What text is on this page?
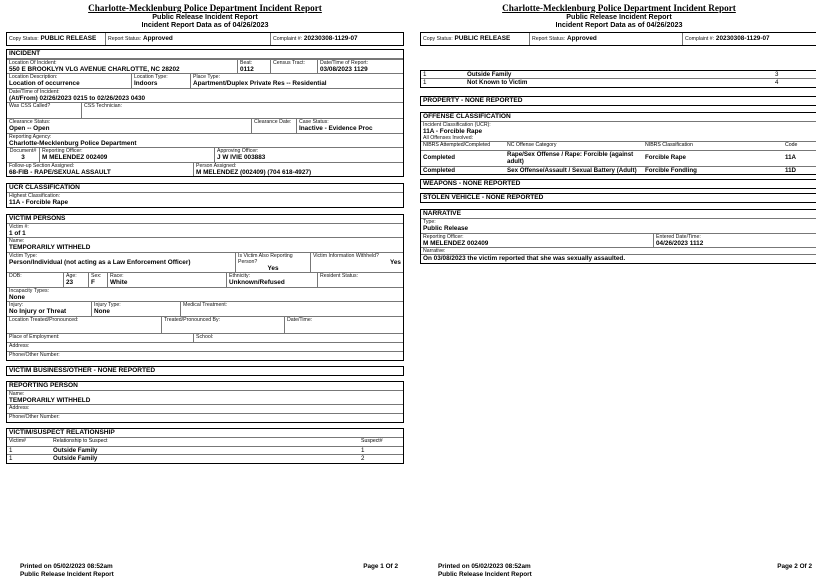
Charlotte-Mecklenburg Police Department Incident Report
Public Release Incident Report
Incident Report Data as of 04/26/2023
Copy Status: PUBLIC RELEASE	Report Status: Approved	Complaint #: 20230308-1129-07
INCIDENT
Location Of Incident:
550 E BROOKLYN VLG AVENUE CHARLOTTE, NC 28202
Beat:
0112
Census Tract:	Date/Time of Report:
03/08/2023 1129
Location Description:
Location of occurrence
Location Type:
Indoors
Place Type:
Apartment/Duplex Private Res -- Residential
Date/Time of Incident:
(At/From) 02/26/2023 0215 to 02/26/2023 0430
Was CSS Called?	CSS Technician:
Clearance Status:
Open -- Open
Clearance Date:	Case Status:
Inactive - Evidence Proc
Reporting Agency:
Charlotte-Mecklenburg Police Department
Document#
3
Reporting Officer:
M MELENDEZ 002409
Approving Officer:
J W IVIE 003883
Follow-up Section Assigned:
68-FIB - RAPE/SEXUAL ASSAULT
Person Assigned:
M MELENDEZ (002409) (704 618-4927)
UCR CLASSIFICATION
Highest Classification:
11A - Forcible Rape
VICTIM PERSONS
Victim #:
1 of 1
Name:
TEMPORARILY WITHHELD
Victim Type:
Person/Individual (not acting as a Law Enforcement Officer)
Is Victim Also Reporting Person?
Yes
Victim Information Withheld?
Yes
DOB:	Age:
23
Sex:
F
Race:
White
Ethnicity:
Unknown/Refused
Resident Status:
Incapacity Types:
None
Injury:
No Injury or Threat
Injury Type:
None
Medical Treatment:
Location Treated/Pronounced:	Treated/Pronounced By:	Date/Time:
Place of Employment:	School:
Address:
Phone/Other Number:
VICTIM BUSINESS/OTHER - NONE REPORTED
REPORTING PERSON
Name:
TEMPORARILY WITHHELD
Address:
Phone/Other Number:
VICTIM/SUSPECT RELATIONSHIP
Victim#	Relationship to Suspect	Suspect#
1	Outside Family	1
1	Outside Family	2
Printed on 05/02/2023 08:52am
Public Release Incident Report
Page 1 Of 2
Charlotte-Mecklenburg Police Department Incident Report
Public Release Incident Report
Incident Report Data as of 04/26/2023
Copy Status: PUBLIC RELEASE	Report Status: Approved	Complaint #: 20230308-1129-07
1	Outside Family	3
1	Not Known to Victim	4
PROPERTY - NONE REPORTED
OFFENSE CLASSIFICATION
Incident Classification (UCR):
11A - Forcible Rape
All Offenses Involved:
NIBRS Attempted/Completed	NC Offense Category	NIBRS Classification	Code
Completed	Rape/Sex Offense / Rape: Forcible (against adult)	Forcible Rape	11A
Completed	Sex Offense/Assault / Sexual Battery (Adult)	Forcible Fondling	11D
WEAPONS - NONE REPORTED
STOLEN VEHICLE - NONE REPORTED
NARRATIVE
Type:
Public Release
Reporting Officer:
M MELENDEZ 002409
Entered Date/Time:
04/26/2023 1112
Narrative:
On 03/08/2023 the victim reported that she was sexually assaulted.
Printed on 05/02/2023 08:52am
Public Release Incident Report
Page 2 Of 2
